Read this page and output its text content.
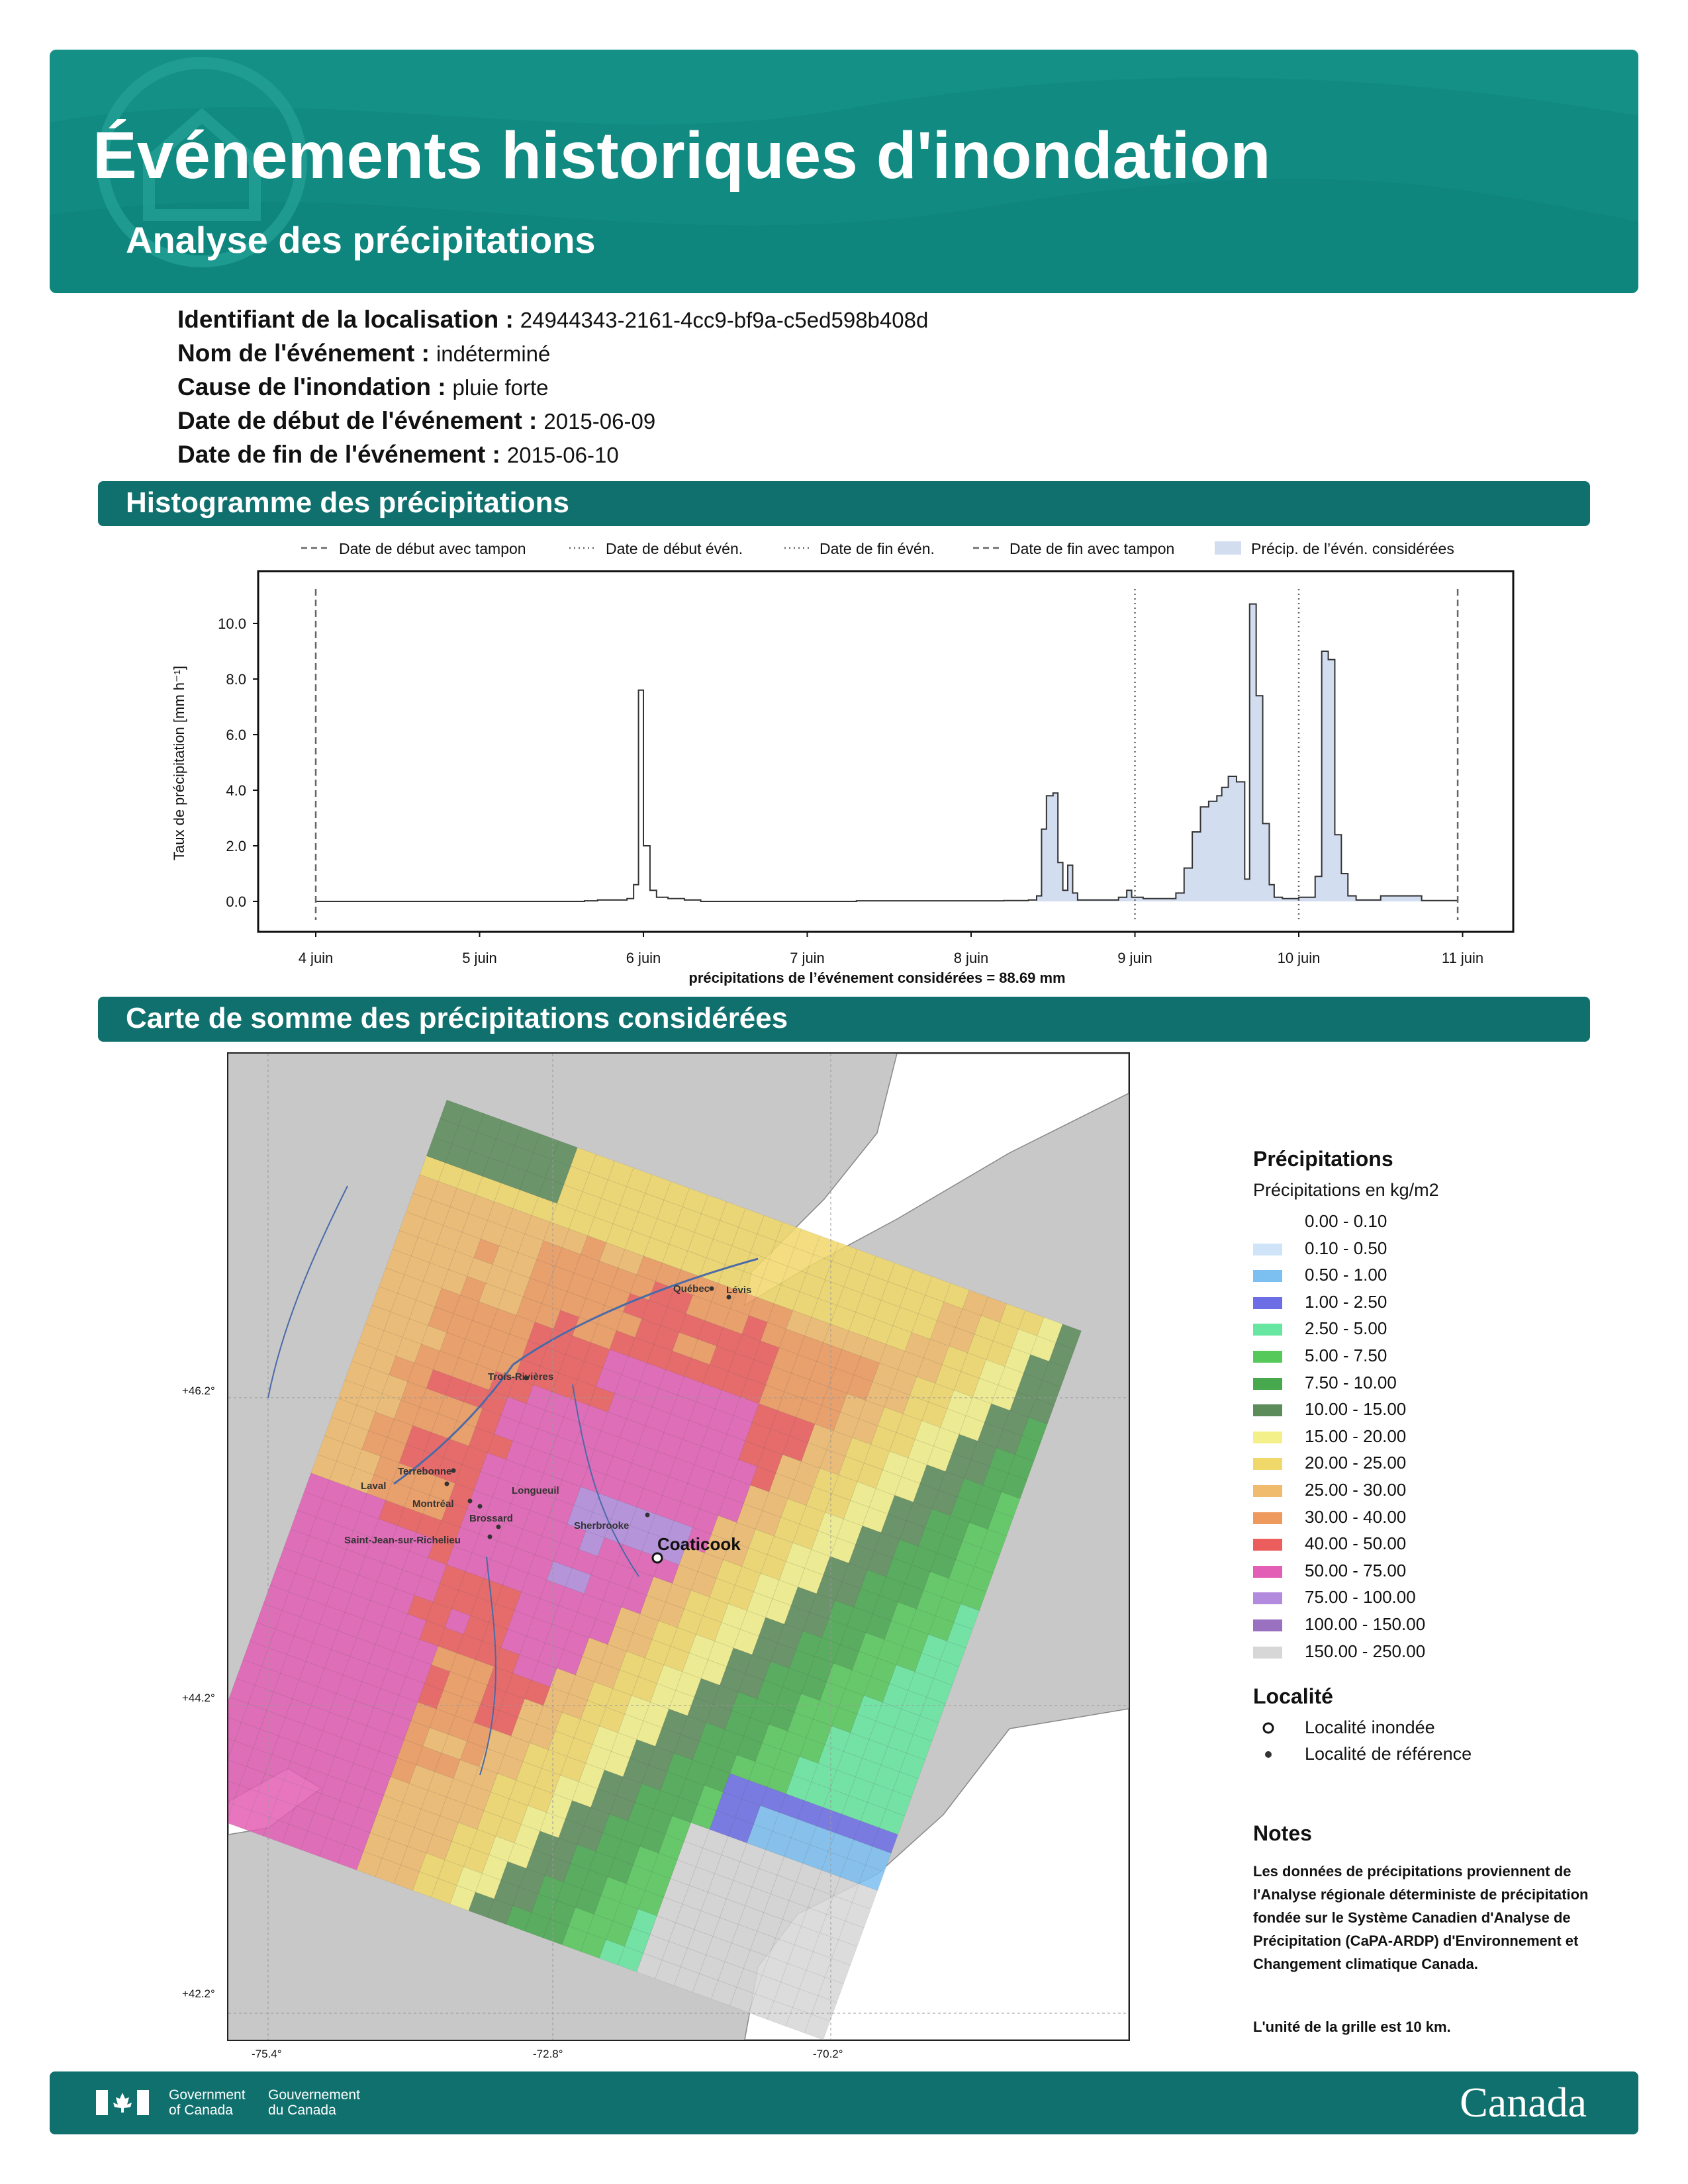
Événements historiques d'inondation
Analyse des précipitations
Identifiant de la localisation : 24944343-2161-4cc9-bf9a-c5ed598b408d
Nom de l'événement : indéterminé
Cause de l'inondation : pluie forte
Date de début de l'événement : 2015-06-09
Date de fin de l'événement : 2015-06-10
Histogramme des précipitations
Date de début avec tampon	Date de début évén.	Date de fin évén.	Date de fin avec tampon	Précip. de l’évén. considérées
0.0
2.0
4.0
6.0
8.0
10.0
4 juin	5 juin	6 juin	7 juin	8 juin	9 juin	10 juin	11 juin
Taux de précipitation [mm h⁻¹]
précipitations de l’événement considérées = 88.69 mm
Carte de somme des précipitations considérées
Québec Lévis
Trois-Rivières
Terrebonne
Laval
Montréal
Longueuil
Brossard
Saint-Jean-sur-Richelieu
Sherbrooke
Coaticook
+46.2°
+44.2°
+42.2°
-75.4°	-72.8°	-70.2°
Précipitations
Précipitations en kg/m2
0.00 - 0.10
0.10 - 0.50
0.50 - 1.00
1.00 - 2.50
2.50 - 5.00
5.00 - 7.50
7.50 - 10.00
10.00 - 15.00
15.00 - 20.00
20.00 - 25.00
25.00 - 30.00
30.00 - 40.00
40.00 - 50.00
50.00 - 75.00
75.00 - 100.00
100.00 - 150.00
150.00 - 250.00
Localité
Localité inondée
Localité de référence
Notes
Les données de précipitations proviennent de l'Analyse régionale déterministe de précipitation fondée sur le Système Canadien d'Analyse de Précipitation (CaPA-ARDP) d'Environnement et Changement climatique Canada.
L'unité de la grille est 10 km.
Government
of Canada
Gouvernement
du Canada	Canada
